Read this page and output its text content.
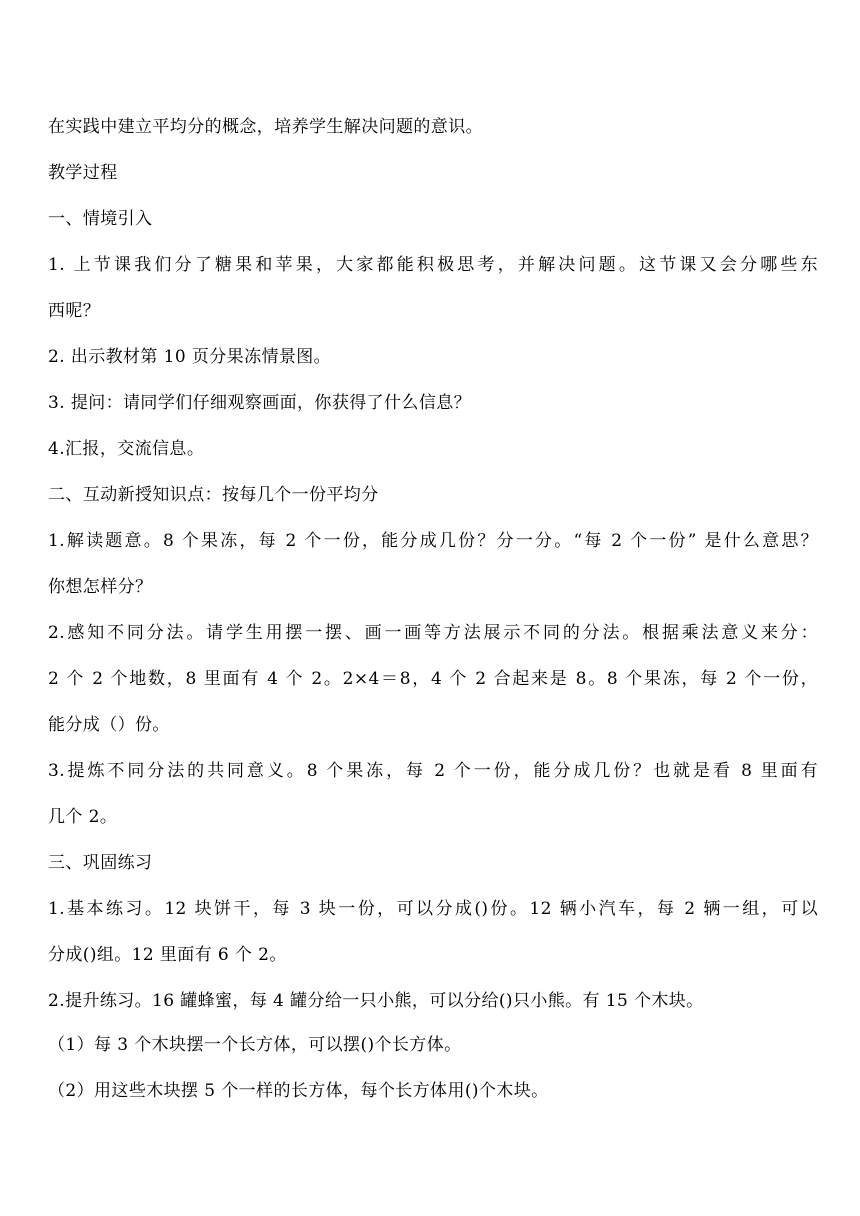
在实践中建立平均分的概念，培养学生解决问题的意识。
教学过程
一、情境引入
1. 上节课我们分了糖果和苹果，大家都能积极思考，并解决问题。这节课又会分哪些东
西呢？
2. 出示教材第 10 页分果冻情景图。
3. 提问：请同学们仔细观察画面，你获得了什么信息？
4.汇报，交流信息。
二、互动新授知识点：按每几个一份平均分
1.解读题意。8 个果冻，每 2 个一份，能分成几份？分一分。“每 2 个一份” 是什么意思？
你想怎样分？
2.感知不同分法。请学生用摆一摆、画一画等方法展示不同的分法。根据乘法意义来分：
2 个 2 个地数，8 里面有 4 个 2。2×4＝8，4 个 2 合起来是 8。8 个果冻，每 2 个一份，
能分成（）份。
3.提炼不同分法的共同意义。8 个果冻，每 2 个一份，能分成几份？也就是看 8 里面有
几个 2。
三、巩固练习
1.基本练习。12 块饼干，每 3 块一份，可以分成()份。12 辆小汽车，每 2 辆一组，可以
分成()组。12 里面有 6 个 2。
2.提升练习。16 罐蜂蜜，每 4 罐分给一只小熊，可以分给()只小熊。有 15 个木块。
（1）每 3 个木块摆一个长方体，可以摆()个长方体。
（2）用这些木块摆 5 个一样的长方体，每个长方体用()个木块。
